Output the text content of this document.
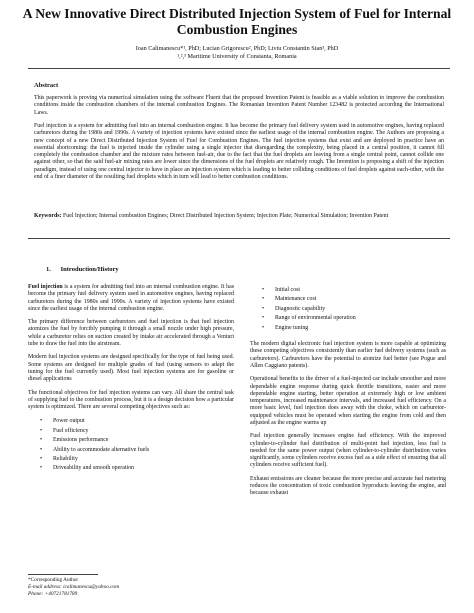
A New Innovative Direct Distributed Injection System of Fuel for Internal Combustion Engines
Ioan Calimanescu*¹, PhD; Lucian Grigorescu², PhD; Liviu Constantin Stan³, PhD
¹,²,³ Maritime University of Constanta, Romania
Abstract

This paperwork is proving via numerical simulation using the software Fluent that the proposed Invention Patent is feasible as a viable solution to improve the combustion conditions inside the combustion chambers of the internal combustion Engines. The Romanian Invention Patent Number 123482 is protected according the International Laws.

Fuel injection is a system for admitting fuel into an internal combustion engine. It has become the primary fuel delivery system used in automotive engines, having replaced carburetors during the 1980s and 1990s. A variety of injection systems have existed since the earliest usage of the internal combustion engine. The Authors are proposing a new concept of a new Direct Distributed Injection System of Fuel for Combustion Engines. The fuel injection systems that exist and are deployed in practice have an essential shortcoming: the fuel is injected inside the cylinder using a single injector that disregarding the complexity, being placed in a central position, it cannot fill completely the combustion chamber and the mixture rates between fuel-air, due to the fact that the fuel droplets are leaving from a single central point, cannot collide one against other, so that the said fuel-air mixing rates are lower since the dimensions of the fuel droplets are relatively rough. The Invention is proposing a shift of the injection paradigm, instead of using one central injector to have in place an injection system which is leading to better colliding conditions of fuel droplets against each-other, with the end of a finer diameter of the resulting fuel droplets which in turn will lead to better combustion conditions.

Keywords: Fuel Injection; Internal combustion Engines; Direct Distributed Injection System; Injection Plate; Numerical Simulation; Invention Patent

1.      Introduction/History

Fuel injection is a system for admitting fuel into an internal combustion engine. It has become the primary fuel delivery system used in automotive engines, having replaced carburetors during the 1980s and 1990s. A variety of injection systems have existed since the earliest usage of the internal combustion engine.

The primary difference between carburetors and fuel injection is that fuel injection atomizes the fuel by forcibly pumping it through a small nozzle under high pressure, while a carburetor relies on suction created by intake air accelerated through a Venturi tube to draw the fuel into the airstream.

Modern fuel injection systems are designed specifically for the type of fuel being used. Some systems are designed for multiple grades of fuel (using sensors to adapt the tuning for the fuel currently used). Most fuel injection systems are for gasoline or diesel applications

The functional objectives for fuel injection systems can vary. All share the central task of supplying fuel to the combustion process, but it is a design decision how a particular system is optimized. There are several competing objectives such as:

• Power output
• Fuel efficiency
• Emissions performance
• Ability to accommodate alternative fuels
• Reliability
• Driveability and smooth operation
• Initial cost
• Maintenance cost
• Diagnostic capability
• Range of environmental operation
• Engine tuning

The modern digital electronic fuel injection system is more capable at optimizing these competing objectives consistently than earlier fuel delivery systems (such as carburetors). Carburetors have the potential to atomize fuel better (see Pogue and Allen Caggiano patents).

Operational benefits to the driver of a fuel-injected car include smoother and more dependable engine response during quick throttle transitions, easier and more dependable engine starting, better operation at extremely high or low ambient temperatures, increased maintenance intervals, and increased fuel efficiency. On a more basic level, fuel injection does away with the choke, which on carburetor-equipped vehicles must be operated when starting the engine from cold and then adjusted as the engine warms up

Fuel injection generally increases engine fuel efficiency. With the improved cylinder-to-cylinder fuel distribution of multi-point fuel injection, less fuel is needed for the same power output (when cylinder-to-cylinder distribution varies significantly, some cylinders receive excess fuel as a side effect of ensuring that all cylinders receive sufficient fuel).

Exhaust emissions are cleaner because the more precise and accurate fuel metering reduces the concentration of toxic combustion byproducts leaving the engine, and because exhaust

*Corresponding Author
E-mail address: icalimanescu@yahoo.com
Phone: +40721781789
